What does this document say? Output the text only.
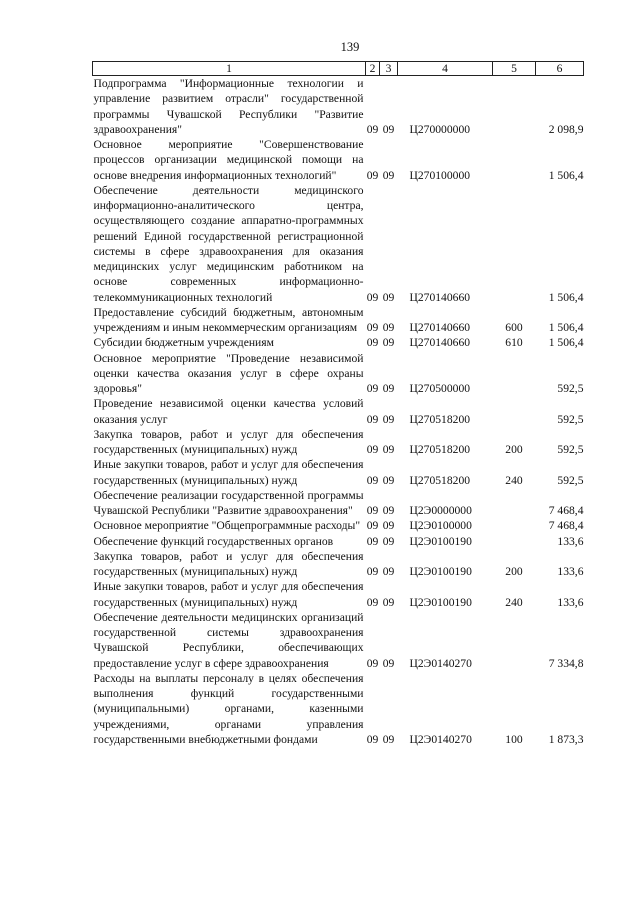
139
1	2	3	4	5	6
Подпрограмма "Информационные технологии и управление развитием отрасли" государственной программы Чувашской Республики "Развитие здравоохранения"	09	09	Ц270000000		2 098,9
Основное мероприятие "Совершенствование процессов организации медицинской помощи на основе внедрения информационных технологий"	09	09	Ц270100000		1 506,4
Обеспечение деятельности медицинского информационно-аналитического центра, осуществляющего создание аппаратно-программных решений Единой государственной регистрационной системы в сфере здравоохранения для оказания медицинских услуг медицинским работником на основе современных информационно-телекоммуникационных технологий	09	09	Ц270140660		1 506,4
Предоставление субсидий бюджетным, автономным учреждениям и иным некоммерческим организациям	09	09	Ц270140660	600	1 506,4
Субсидии бюджетным учреждениям	09	09	Ц270140660	610	1 506,4
Основное мероприятие "Проведение независимой оценки качества оказания услуг в сфере охраны здоровья"	09	09	Ц270500000		592,5
Проведение независимой оценки качества условий оказания услуг	09	09	Ц270518200		592,5
Закупка товаров, работ и услуг для обеспечения государственных (муниципальных) нужд	09	09	Ц270518200	200	592,5
Иные закупки товаров, работ и услуг для обеспечения государственных (муниципальных) нужд	09	09	Ц270518200	240	592,5
Обеспечение реализации государственной программы Чувашской Республики "Развитие здравоохранения"	09	09	Ц2Э0000000		7 468,4
Основное мероприятие "Общепрограммные расходы"	09	09	Ц2Э0100000		7 468,4
Обеспечение функций государственных органов	09	09	Ц2Э0100190		133,6
Закупка товаров, работ и услуг для обеспечения государственных (муниципальных) нужд	09	09	Ц2Э0100190	200	133,6
Иные закупки товаров, работ и услуг для обеспечения государственных (муниципальных) нужд	09	09	Ц2Э0100190	240	133,6
Обеспечение деятельности медицинских организаций государственной системы здравоохранения Чувашской Республики, обеспечивающих предоставление услуг в сфере здравоохранения	09	09	Ц2Э0140270		7 334,8
Расходы на выплаты персоналу в целях обеспечения выполнения функций государственными (муниципальными) органами, казенными учреждениями, органами управления государственными внебюджетными фондами	09	09	Ц2Э0140270	100	1 873,3
